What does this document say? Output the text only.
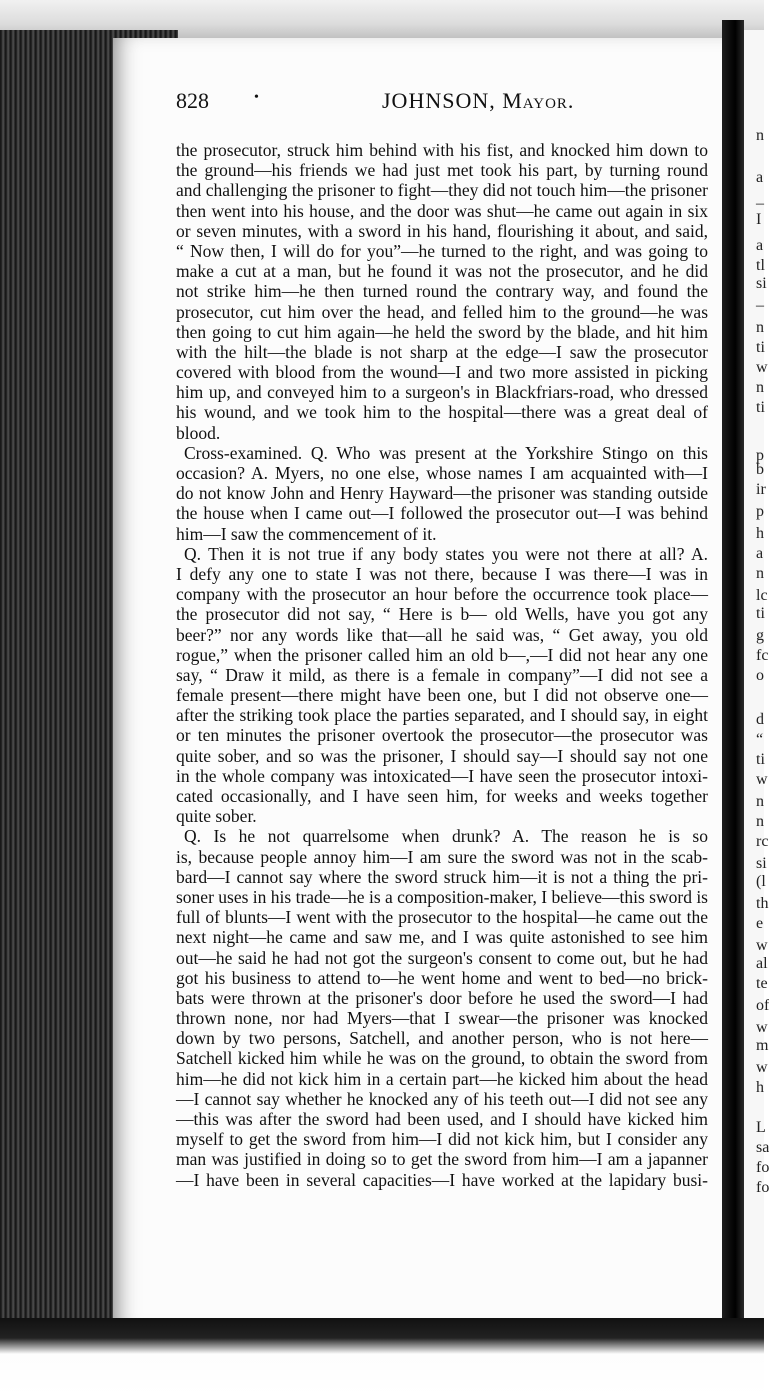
n
a
–
I
a
tl
si
–
n
ti
w
n
ti
p
b
ir
p
h
a
n
lc
ti
g
fc
o
d
“
ti
w
n
n
rc
si
(l
th
e
w
al
te
of
w
m
w
h
L
sa
fo
fo
828	•	JOHNSON, Mayor.
the prosecutor, struck him behind with his fist, and knocked him down to
the ground—his friends we had just met took his part, by turning round
and challenging the prisoner to fight—they did not touch him—the prisoner
then went into his house, and the door was shut—he came out again in six
or seven minutes, with a sword in his hand, flourishing it about, and said,
“ Now then, I will do for you”—he turned to the right, and was going to
make a cut at a man, but he found it was not the prosecutor, and he did
not strike him—he then turned round the contrary way, and found the
prosecutor, cut him over the head, and felled him to the ground—he was
then going to cut him again—he held the sword by the blade, and hit him
with the hilt—the blade is not sharp at the edge—I saw the prosecutor
covered with blood from the wound—I and two more assisted in picking
him up, and conveyed him to a surgeon's in Blackfriars-road, who dressed
his wound, and we took him to the hospital—there was a great deal of
blood.
Cross-examined. Q. Who was present at the Yorkshire Stingo on this
occasion? A. Myers, no one else, whose names I am acquainted with—I
do not know John and Henry Hayward—the prisoner was standing outside
the house when I came out—I followed the prosecutor out—I was behind
him—I saw the commencement of it.
Q. Then it is not true if any body states you were not there at all? A.
I defy any one to state I was not there, because I was there—I was in
company with the prosecutor an hour before the occurrence took place—
the prosecutor did not say, “ Here is b— old Wells, have you got any
beer?” nor any words like that—all he said was, “ Get away, you old
rogue,” when the prisoner called him an old b—,—I did not hear any one
say, “ Draw it mild, as there is a female in company”—I did not see a
female present—there might have been one, but I did not observe one—
after the striking took place the parties separated, and I should say, in eight
or ten minutes the prisoner overtook the prosecutor—the prosecutor was
quite sober, and so was the prisoner, I should say—I should say not one
in the whole company was intoxicated—I have seen the prosecutor intoxi-
cated occasionally, and I have seen him, for weeks and weeks together
quite sober.
Q. Is he not quarrelsome when drunk? A. The reason he is so
is, because people annoy him—I am sure the sword was not in the scab-
bard—I cannot say where the sword struck him—it is not a thing the pri-
soner uses in his trade—he is a composition-maker, I believe—this sword is
full of blunts—I went with the prosecutor to the hospital—he came out the
next night—he came and saw me, and I was quite astonished to see him
out—he said he had not got the surgeon's consent to come out, but he had
got his business to attend to—he went home and went to bed—no brick-
bats were thrown at the prisoner's door before he used the sword—I had
thrown none, nor had Myers—that I swear—the prisoner was knocked
down by two persons, Satchell, and another person, who is not here—
Satchell kicked him while he was on the ground, to obtain the sword from
him—he did not kick him in a certain part—he kicked him about the head
—I cannot say whether he knocked any of his teeth out—I did not see any
—this was after the sword had been used, and I should have kicked him
myself to get the sword from him—I did not kick him, but I consider any
man was justified in doing so to get the sword from him—I am a japanner
—I have been in several capacities—I have worked at the lapidary busi-
